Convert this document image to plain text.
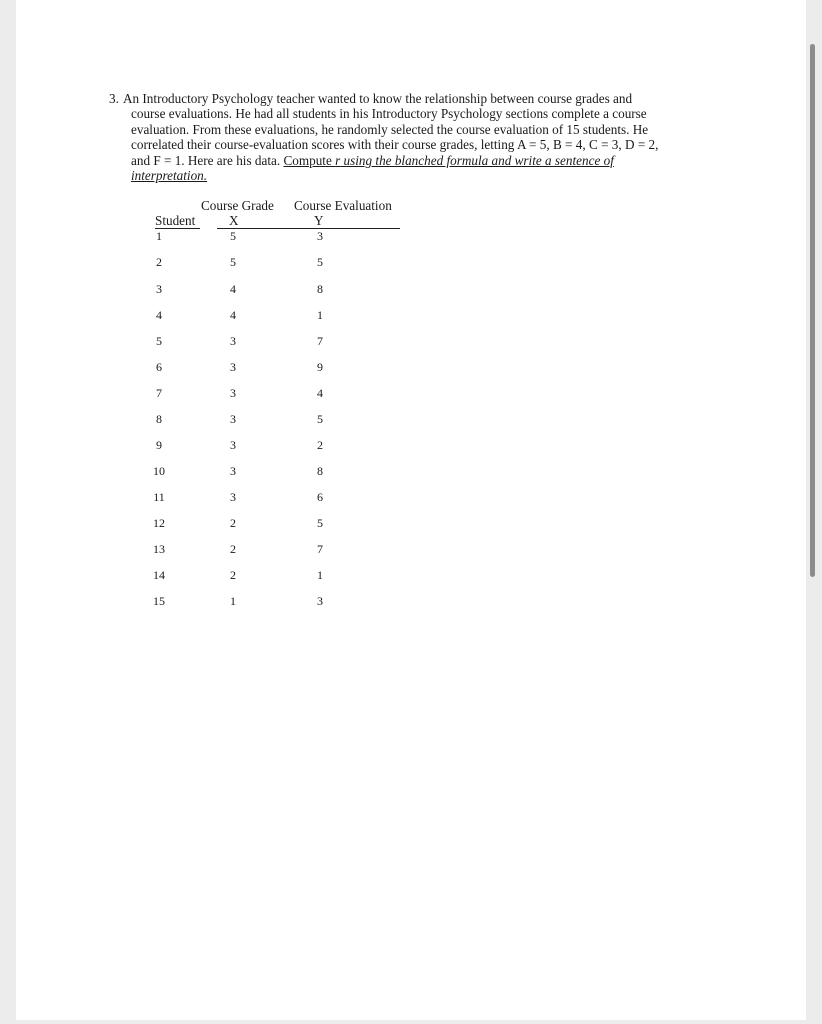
3. An Introductory Psychology teacher wanted to know the relationship between course grades and
course evaluations. He had all students in his Introductory Psychology sections complete a course
evaluation. From these evaluations, he randomly selected the course evaluation of 15 students. He
correlated their course-evaluation scores with their course grades, letting A = 5, B = 4, C = 3, D = 2,
and F = 1. Here are his data. Compute r using the blanched formula and write a sentence of
interpretation.
Course Grade Course Evaluation
Student	X	Y
1	5	3
2	5	5
3	4	8
4	4	1
5	3	7
6	3	9
7	3	4
8	3	5
9	3	2
10	3	8
11	3	6
12	2	5
13	2	7
14	2	1
15	1	3
